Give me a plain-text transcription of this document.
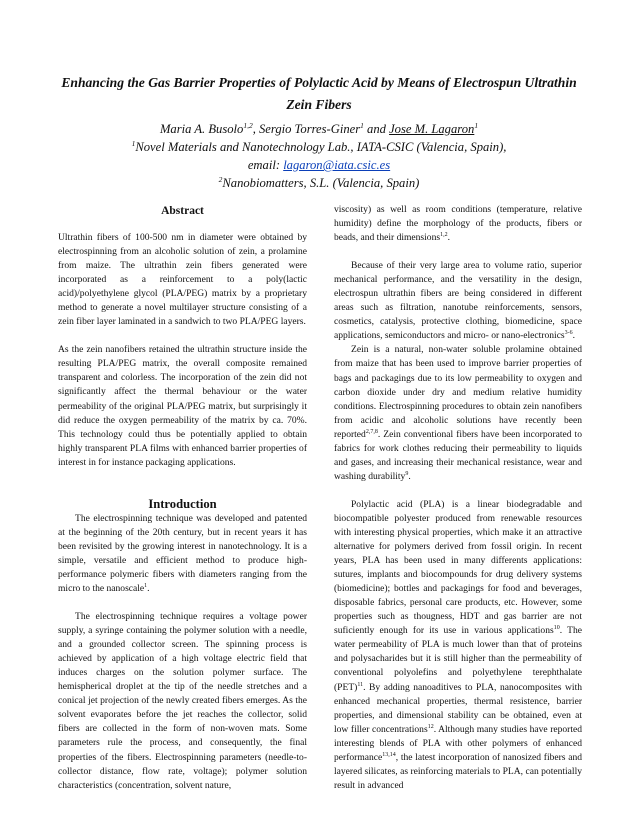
Enhancing the Gas Barrier Properties of Polylactic Acid by Means of Electrospun Ultrathin
Zein Fibers
Maria A. Busolo$^{1,2}$, Sergio Torres-Giner$^1$ and Jose M. Lagaron$^1$
$^1$Novel Materials and Nanotechnology Lab., IATA-CSIC (Valencia, Spain),
email: lagaron@iata.csic.es
$^2$Nanobiomatters, S.L. (Valencia, Spain)

Abstract

Ultrathin fibers of 100-500 nm in diameter were obtained by electrospinning from an alcoholic solution of zein, a prolamine from maize. The ultrathin zein fibers generated were incorporated as a reinforcement to a poly(lactic acid)/polyethylene glycol (PLA/PEG) matrix by a proprietary method to generate a novel multilayer structure consisting of a zein fiber layer laminated in a sandwich to two PLA/PEG layers.

As the zein nanofibers retained the ultrathin structure inside the resulting PLA/PEG matrix, the overall composite remained transparent and colorless. The incorporation of the zein did not significantly affect the thermal behaviour or the water permeability of the original PLA/PEG matrix, but surprisingly it did reduce the oxygen permeability of the matrix by ca. 70%. This technology could thus be potentially applied to obtain highly transparent PLA films with enhanced barrier properties of interest in for instance packaging applications.

Introduction

The electrospinning technique was developed and patented at the beginning of the 20th century, but in recent years it has been revisited by the growing interest in nanotechnology. It is a simple, versatile and efficient method to produce high-performance polymeric fibers with diameters ranging from the micro to the nanoscale$^1$.

The electrospinning technique requires a voltage power supply, a syringe containing the polymer solution with a needle, and a grounded collector screen. The spinning process is achieved by application of a high voltage electric field that induces charges on the solution polymer surface. The hemispherical droplet at the tip of the needle stretches and a conical jet projection of the newly created fibers emerges. As the solvent evaporates before the jet reaches the collector, solid fibers are collected in the form of non-woven mats. Some parameters rule the process, and consequently, the final properties of the fibers. Electrospinning parameters (needle-to-collector distance, flow rate, voltage); polymer solution characteristics (concentration, solvent nature,

viscosity) as well as room conditions (temperature, relative humidity) define the morphology of the products, fibers or beads, and their dimensions$^{1,2}$.

Because of their very large area to volume ratio, superior mechanical performance, and the versatility in the design, electrospun ultrathin fibers are being considered in different areas such as filtration, nanotube reinforcements, sensors, cosmetics, catalysis, protective clothing, biomedicine, space applications, semiconductors and micro- or nano-electronics$^{3-6}$.

Zein is a natural, non-water soluble prolamine obtained from maize that has been used to improve barrier properties of bags and packagings due to its low permeability to oxygen and carbon dioxide under dry and medium relative humidity conditions. Electrospinning procedures to obtain zein nanofibers from acidic and alcoholic solutions have recently been reported$^{2,7,8}$. Zein conventional fibers have been incorporated to fabrics for work clothes reducing their permeability to liquids and gases, and increasing their mechanical resistance, wear and washing durability$^9$.

Polylactic acid (PLA) is a linear biodegradable and biocompatible polyester produced from renewable resources with interesting physical properties, which make it an attractive alternative for polymers derived from fossil origin. In recent years, PLA has been used in many differents applications: sutures, implants and biocompounds for drug delivery systems (biomedicine); bottles and packagings for food and beverages, disposable fabrics, personal care products, etc. However, some properties such as thougness, HDT and gas barrier are not suficiently enough for its use in various applications$^{10}$. The water permeability of PLA is much lower than that of proteins and polysacharides but it is still higher than the permeability of conventional polyolefins and polyethylene terephthalate (PET)$^{11}$. By adding nanoaditives to PLA, nanocomposites with enhanced mechanical properties, thermal resistence, barrier properties, and dimensional stability can be obtained, even at low filler concentrations$^{12}$. Although many studies have reported interesting blends of PLA with other polymers of enhanced performance$^{13,14}$, the latest incorporation of nanosized fibers and layered silicates, as reinforcing materials to PLA, can potentially result in advanced
